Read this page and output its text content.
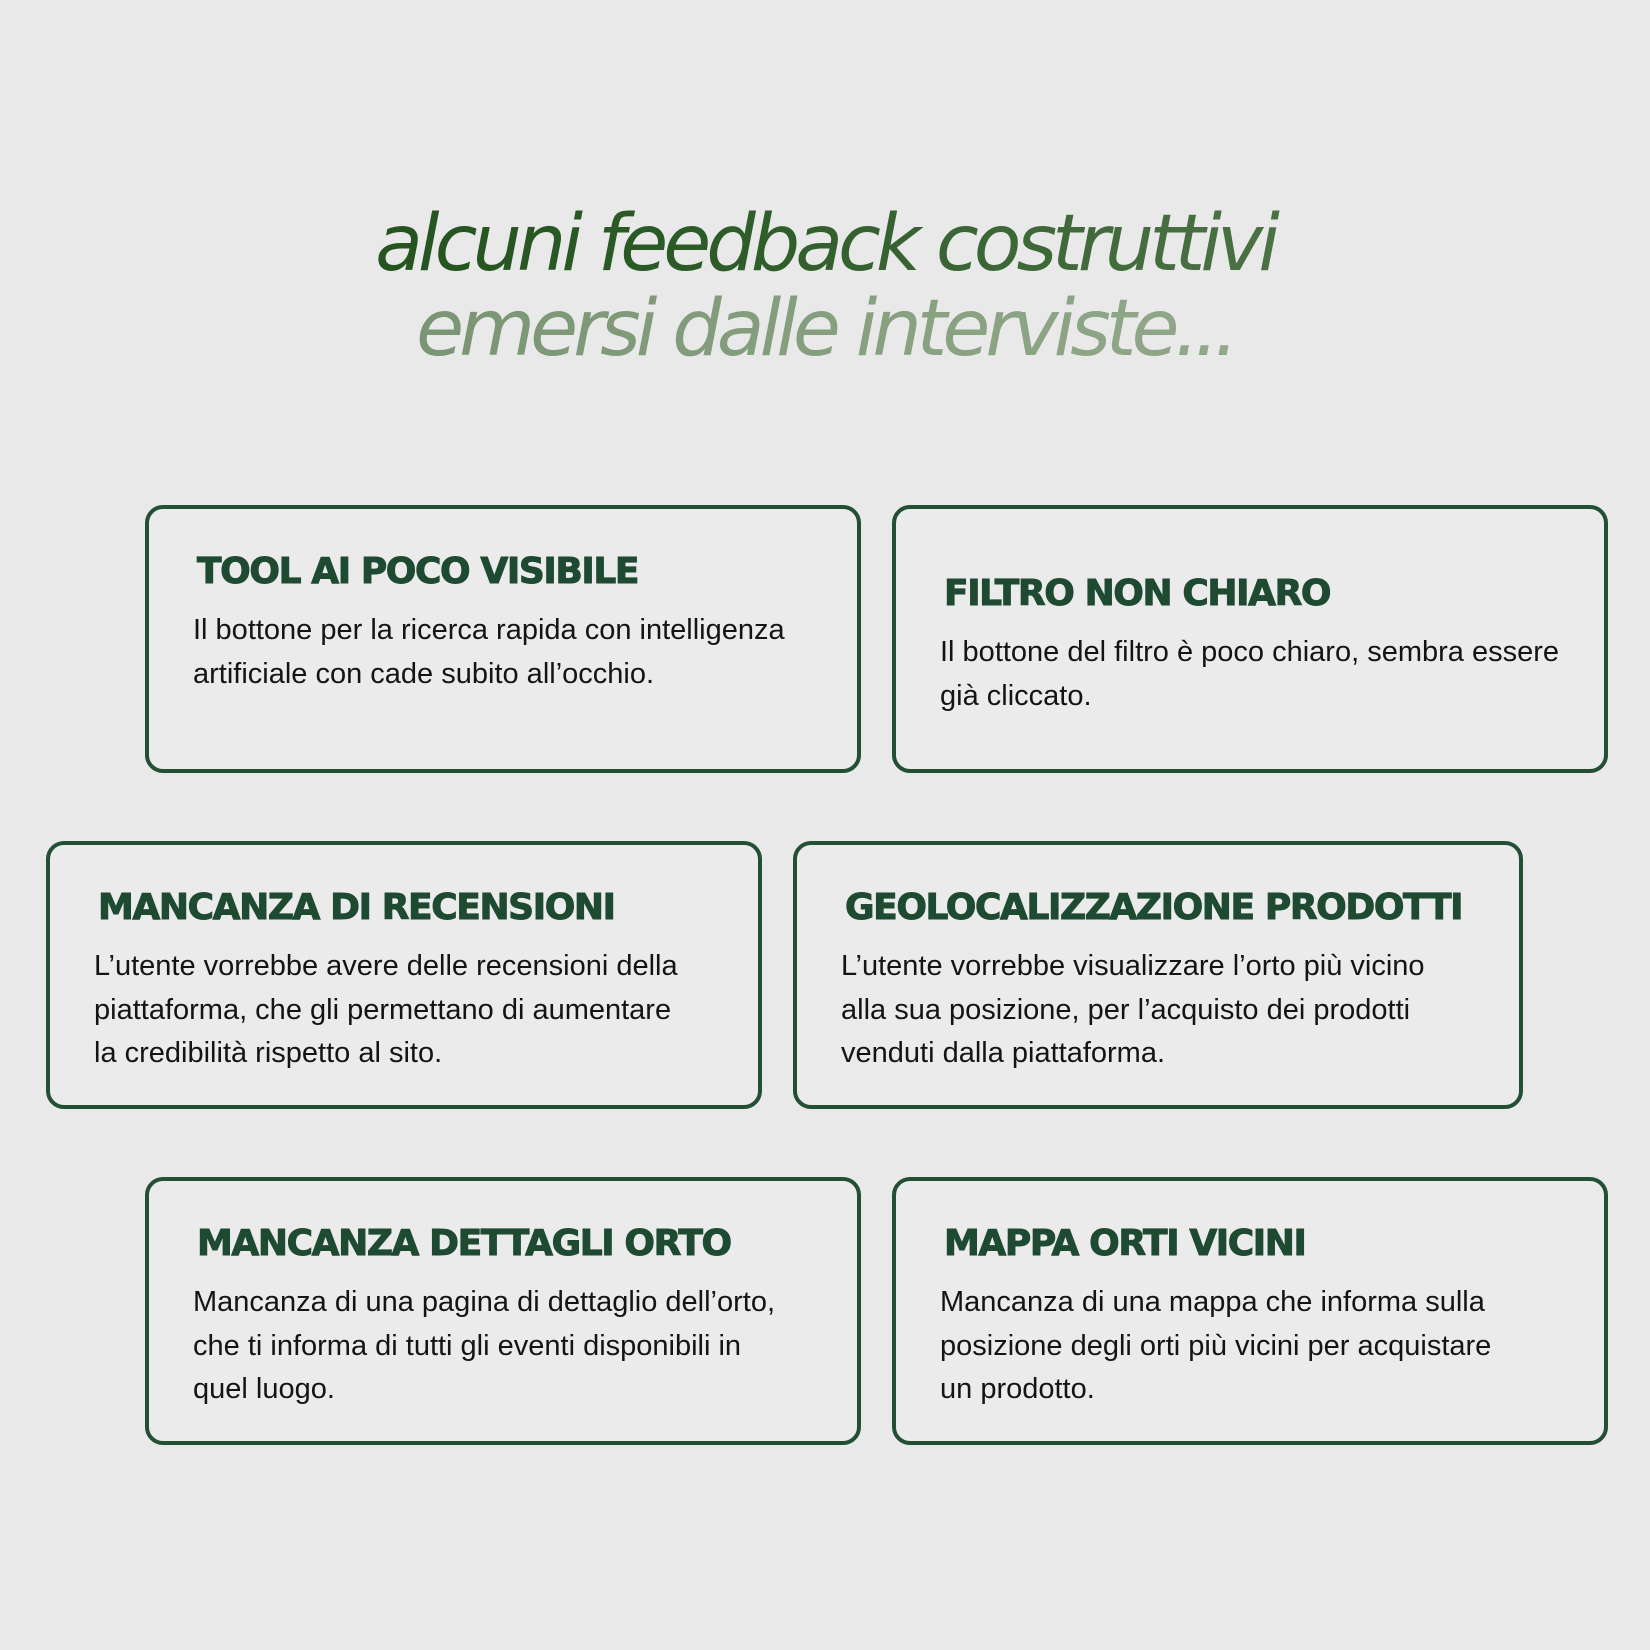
alcuni feedback costruttivi
emersi dalle interviste...
TOOL AI POCO VISIBILE
Il bottone per la ricerca rapida con intelligenza artificiale con cade subito all’occhio.
FILTRO NON CHIARO
Il bottone del filtro è poco chiaro, sembra essere già cliccato.
MANCANZA DI RECENSIONI
L’utente vorrebbe avere delle recensioni della piattaforma, che gli permettano di aumentare la credibilità rispetto al sito.
GEOLOCALIZZAZIONE PRODOTTI
L’utente vorrebbe visualizzare l’orto più vicino alla sua posizione, per l’acquisto dei prodotti venduti dalla piattaforma.
MANCANZA DETTAGLI ORTO
Mancanza di una pagina di dettaglio dell’orto, che ti informa di tutti gli eventi disponibili in quel luogo.
MAPPA ORTI VICINI
Mancanza di una mappa che informa sulla posizione degli orti più vicini per acquistare un prodotto.
